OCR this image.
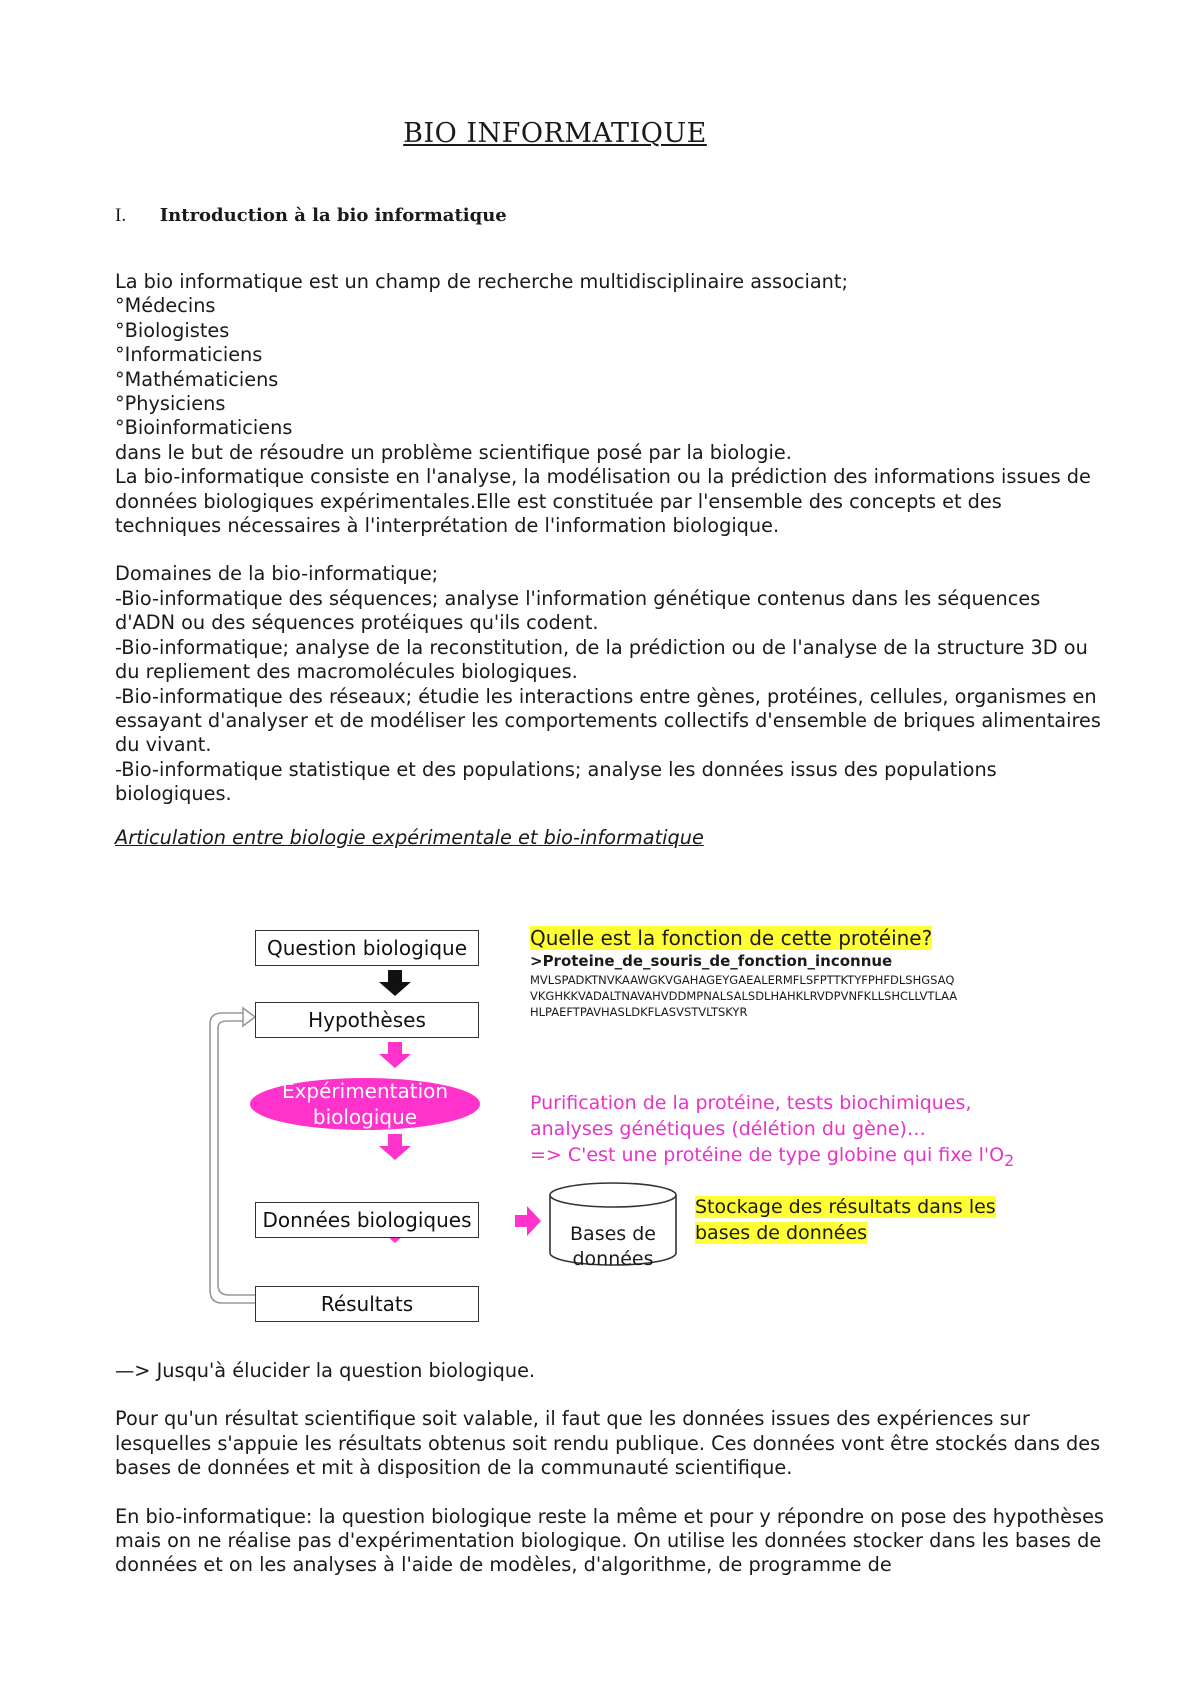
BIO INFORMATIQUE
I. Introduction à la bio informatique

La bio informatique est un champ de recherche multidisciplinaire associant;

°Médecins

°Biologistes

°Informaticiens

°Mathématiciens

°Physiciens

°Bioinformaticiens

dans le but de résoudre un problème scientifique posé par la biologie.

La bio-informatique consiste en l'analyse, la modélisation ou la prédiction des informations issues de données biologiques expérimentales.Elle est constituée par l'ensemble des concepts et des techniques nécessaires à l'interprétation de l'information biologique.

Domaines de la bio-informatique;

-Bio-informatique des séquences; analyse l'information génétique contenus dans les séquences d'ADN ou des séquences protéiques qu'ils codent.

-Bio-informatique; analyse de la reconstitution, de la prédiction ou de l'analyse de la structure 3D ou du repliement des macromolécules biologiques.

-Bio-informatique des réseaux; étudie les interactions entre gènes, protéines, cellules, organismes en essayant d'analyser et de modéliser les comportements collectifs d'ensemble de briques alimentaires du vivant.

-Bio-informatique statistique et des populations; analyse les données issus des populations biologiques.

Articulation entre biologie expérimentale et bio-informatique
Question biologique
Hypothèses
Expérimentation
biologique
Données biologiques
Résultats
Bases de
données
Quelle est la fonction de cette protéine?
>Proteine_de_souris_de_fonction_inconnue
MVLSPADKTNVKAAWGKVGAHAGEYGAEALERMFLSFPTTKTYFPHFDLSHGSAQ
VKGHKKVADALTNAVAHVDDMPNALSALSDLHAHKLRVDPVNFKLLSHCLLVTLAA
HLPAEFTPAVHASLDKFLASVSTVLTSKYR
Purification de la protéine, tests biochimiques,
analyses génétiques (délétion du gène)…
=> C'est une protéine de type globine qui fixe $l'O_2$
Stockage des résultats dans les
bases de données

—> Jusqu'à élucider la question biologique.

Pour qu'un résultat scientifique soit valable, il faut que les données issues des expériences sur lesquelles s'appuie les résultats obtenus soit rendu publique. Ces données vont être stockés dans des bases de données et mit à disposition de la communauté scientifique.

En bio-informatique: la question biologique reste la même et pour y répondre on pose des hypothèses mais on ne réalise pas d'expérimentation biologique. On utilise les données stocker dans les bases de données et on les analyses à l'aide de modèles, d'algorithme, de programme de
